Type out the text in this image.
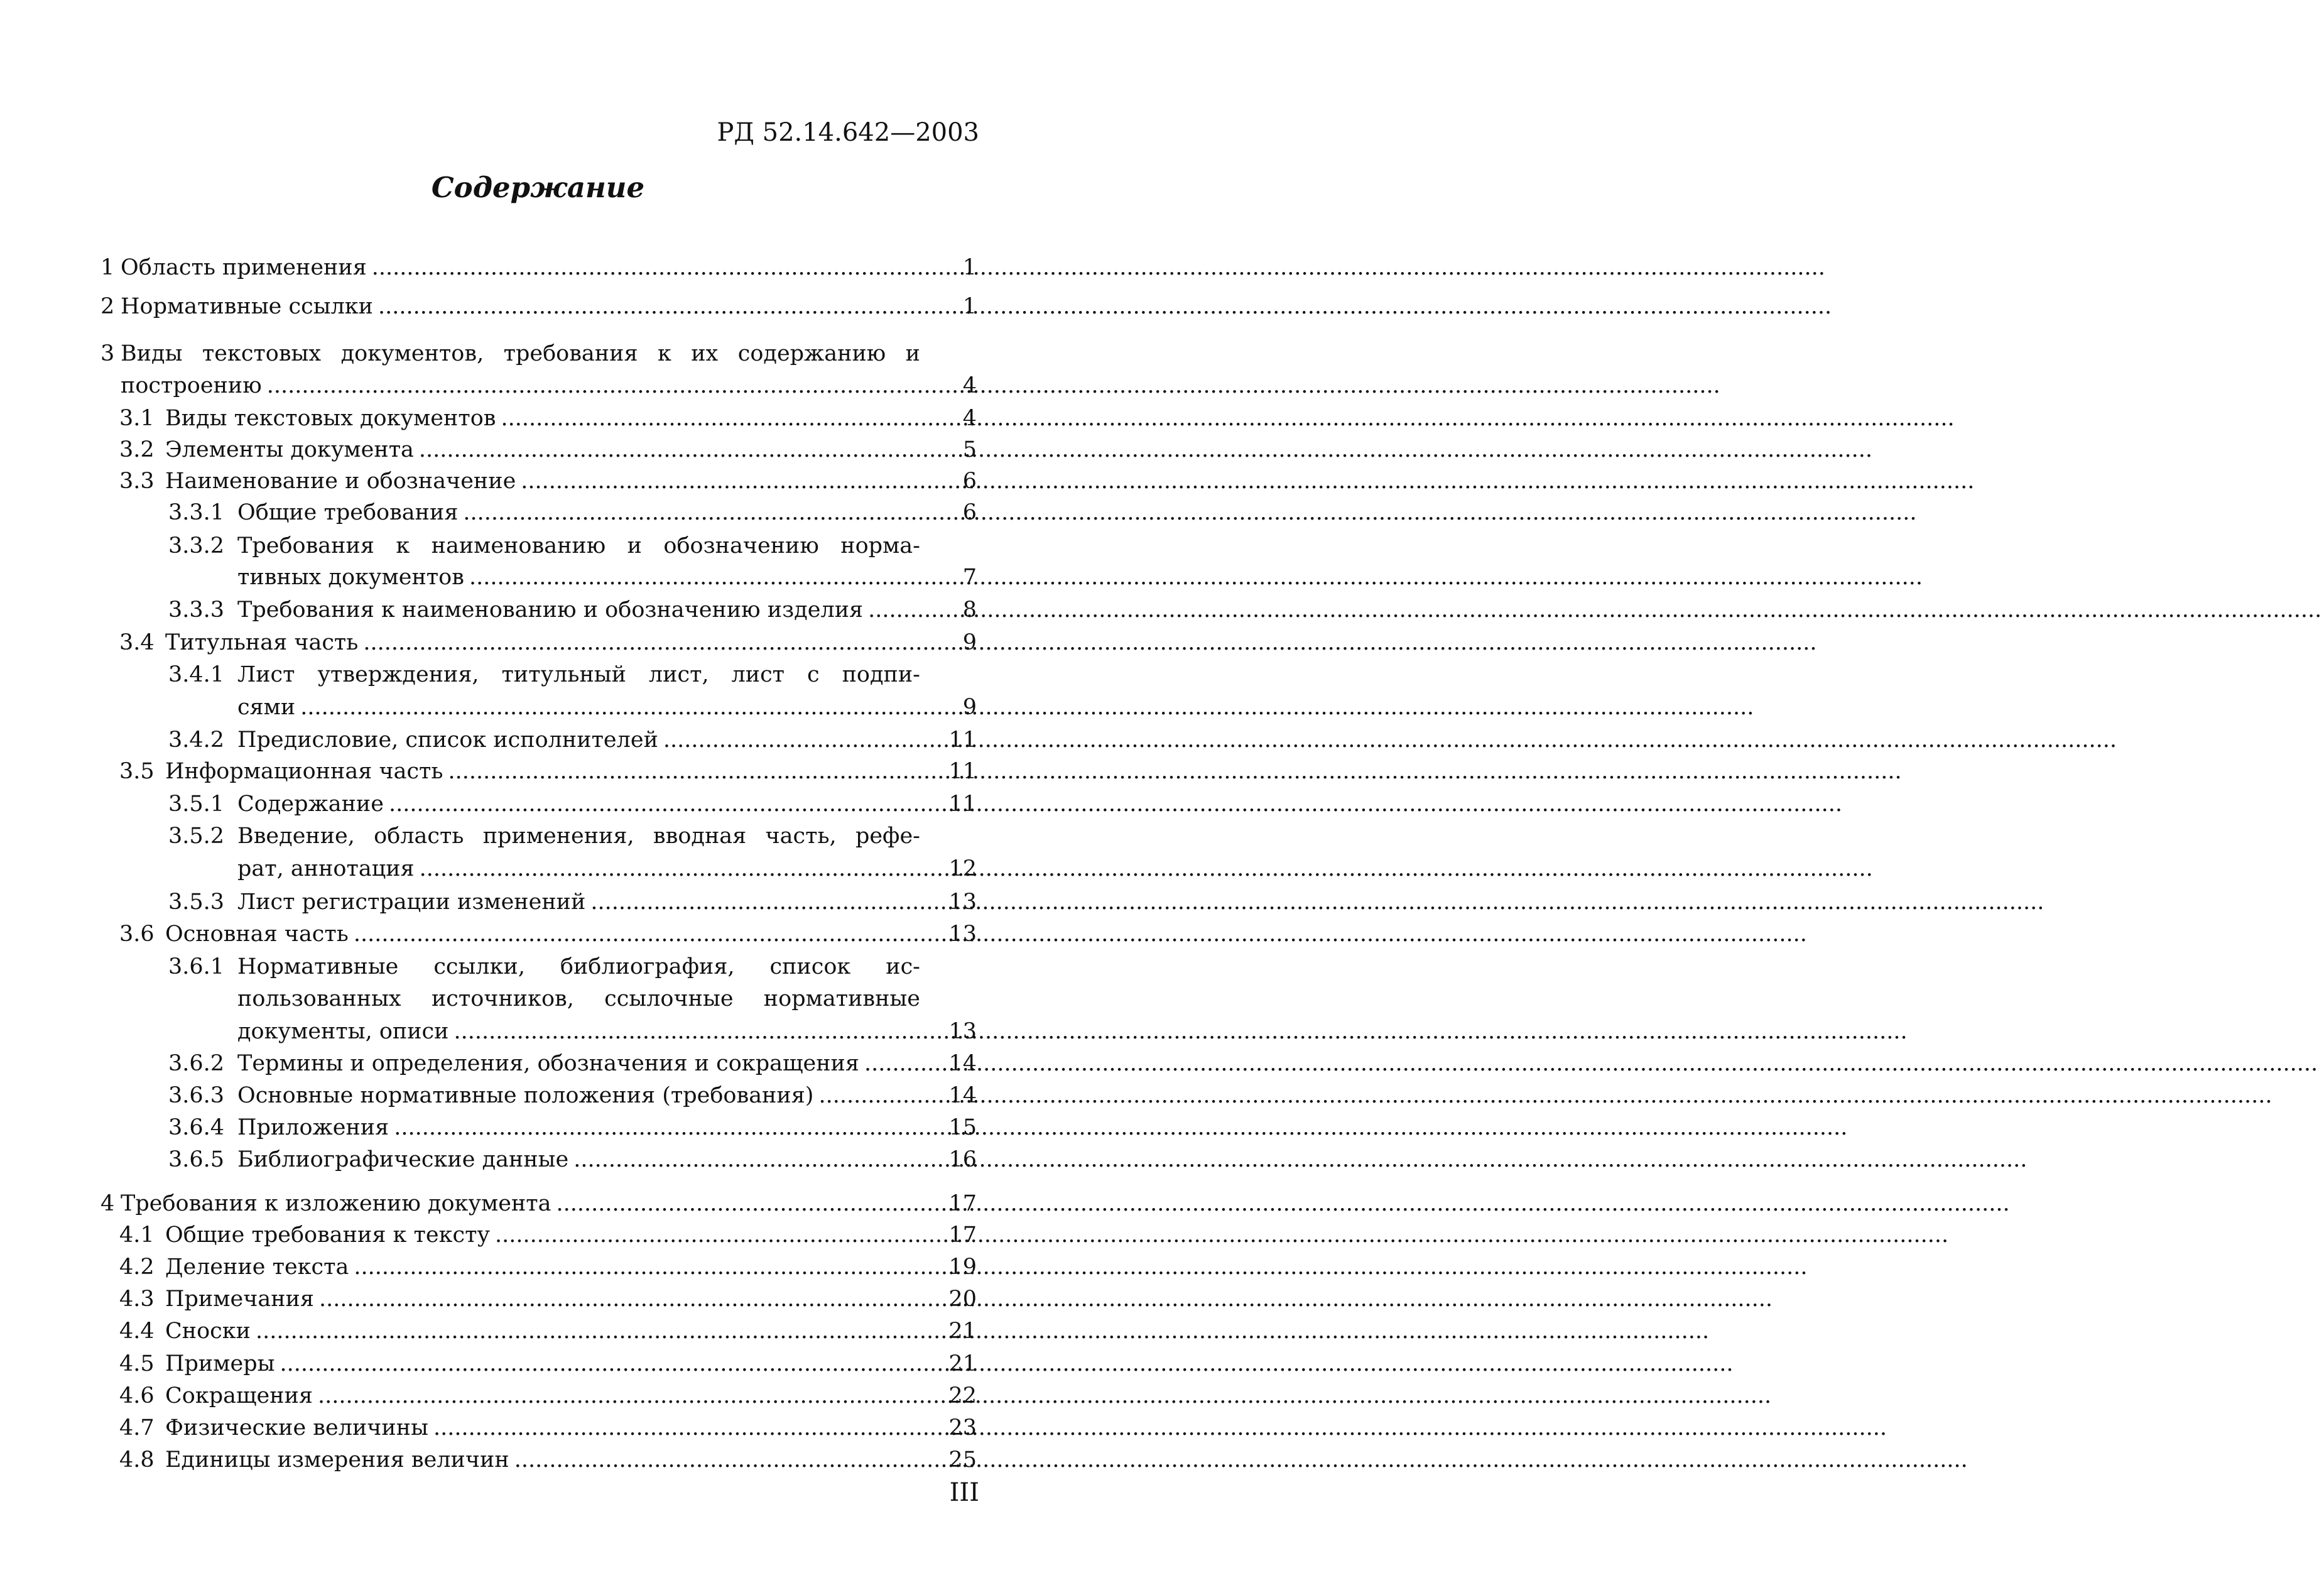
РД 52.14.642—2003
Содержание
1 Область применения .....	1
2 Нормативные ссылки .....	1
3 Виды текстовых документов, требования к их содержанию и
построению .....	4
3.1 Виды текстовых документов .....	4
3.2 Элементы документа .....	5
3.3 Наименование и обозначение .....	6
3.3.1 Общие требования .....	6
3.3.2 Требования к наименованию и обозначению норма-
тивных документов .....	7
3.3.3 Требования к наименованию и обозначению изделия .....	8
3.4 Титульная часть .....	9
3.4.1 Лист утверждения, титульный лист, лист с подпи-
сями .....	9
3.4.2 Предисловие, список исполнителей .....	11
3.5 Информационная часть .....	11
3.5.1 Содержание .....	11
3.5.2 Введение, область применения, вводная часть, рефе-
рат, аннотация .....	12
3.5.3 Лист регистрации изменений .....	13
3.6 Основная часть .....	13
3.6.1 Нормативные ссылки, библиография, список ис-
пользованных источников, ссылочные нормативные
документы, описи .....	13
3.6.2 Термины и определения, обозначения и сокращения .....	14
3.6.3 Основные нормативные положения (требования) .....	14
3.6.4 Приложения .....	15
3.6.5 Библиографические данные .....	16
4 Требования к изложению документа .....	17
4.1 Общие требования к тексту .....	17
4.2 Деление текста .....	19
4.3 Примечания .....	20
4.4 Сноски .....	21
4.5 Примеры .....	21
4.6 Сокращения .....	22
4.7 Физические величины .....	23
4.8 Единицы измерения величин .....	25
III
